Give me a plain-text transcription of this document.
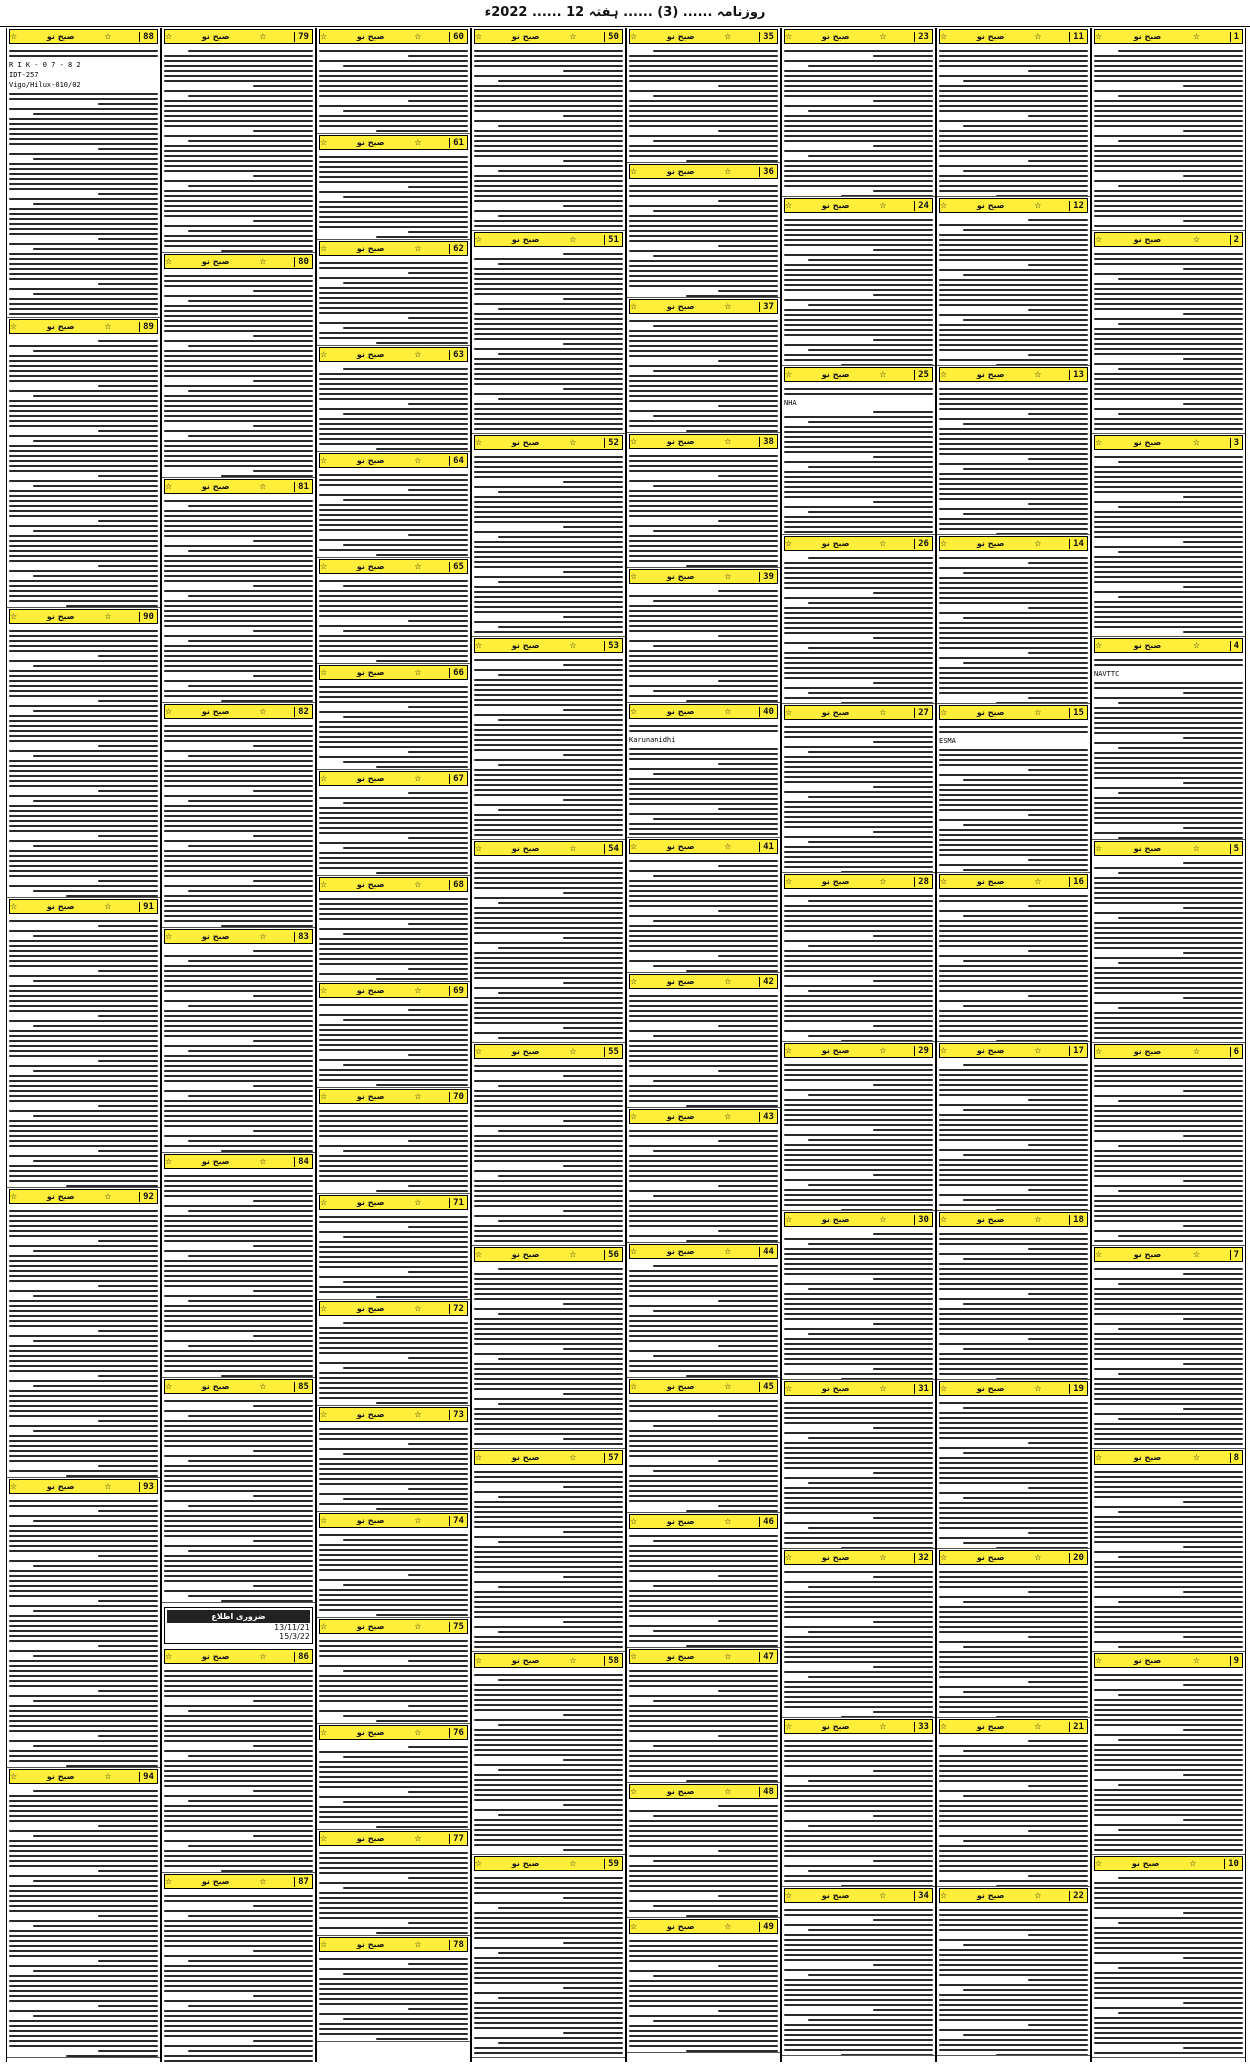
روزنامہ ...... (3) ...... ہفتہ 12 ...... 2022ء
1
☆
صبح نو
☆
2
☆
صبح نو
☆
3
☆
صبح نو
☆
4
☆
صبح نو
☆
NAVTTC
5
☆
صبح نو
☆
6
☆
صبح نو
☆
7
☆
صبح نو
☆
8
☆
صبح نو
☆
9
☆
صبح نو
☆
10
☆
صبح نو
☆
11
☆
صبح نو
☆
12
☆
صبح نو
☆
13
☆
صبح نو
☆
14
☆
صبح نو
☆
15
☆
صبح نو
☆
ESMA
16
☆
صبح نو
☆
17
☆
صبح نو
☆
18
☆
صبح نو
☆
19
☆
صبح نو
☆
20
☆
صبح نو
☆
21
☆
صبح نو
☆
22
☆
صبح نو
☆
23
☆
صبح نو
☆
24
☆
صبح نو
☆
25
☆
صبح نو
☆
NHA
26
☆
صبح نو
☆
27
☆
صبح نو
☆
28
☆
صبح نو
☆
29
☆
صبح نو
☆
30
☆
صبح نو
☆
31
☆
صبح نو
☆
32
☆
صبح نو
☆
33
☆
صبح نو
☆
34
☆
صبح نو
☆
35
☆
صبح نو
☆
36
☆
صبح نو
☆
37
☆
صبح نو
☆
38
☆
صبح نو
☆
39
☆
صبح نو
☆
40
☆
صبح نو
☆
Karunanidhi
41
☆
صبح نو
☆
42
☆
صبح نو
☆
43
☆
صبح نو
☆
44
☆
صبح نو
☆
45
☆
صبح نو
☆
46
☆
صبح نو
☆
47
☆
صبح نو
☆
48
☆
صبح نو
☆
49
☆
صبح نو
☆
50
☆
صبح نو
☆
51
☆
صبح نو
☆
52
☆
صبح نو
☆
53
☆
صبح نو
☆
54
☆
صبح نو
☆
55
☆
صبح نو
☆
56
☆
صبح نو
☆
57
☆
صبح نو
☆
58
☆
صبح نو
☆
59
☆
صبح نو
☆
60
☆
صبح نو
☆
61
☆
صبح نو
☆
62
☆
صبح نو
☆
63
☆
صبح نو
☆
64
☆
صبح نو
☆
65
☆
صبح نو
☆
66
☆
صبح نو
☆
67
☆
صبح نو
☆
68
☆
صبح نو
☆
69
☆
صبح نو
☆
70
☆
صبح نو
☆
71
☆
صبح نو
☆
72
☆
صبح نو
☆
73
☆
صبح نو
☆
74
☆
صبح نو
☆
75
☆
صبح نو
☆
76
☆
صبح نو
☆
77
☆
صبح نو
☆
78
☆
صبح نو
☆
79
☆
صبح نو
☆
80
☆
صبح نو
☆
81
☆
صبح نو
☆
82
☆
صبح نو
☆
83
☆
صبح نو
☆
84
☆
صبح نو
☆
85
☆
صبح نو
☆
ضروری اطلاع
13/11/21
15/3/22
86
☆
صبح نو
☆
87
☆
صبح نو
☆
88
☆
صبح نو
☆
R I K - 0 7 - 8 2
IDT-257
Vigo/Hilux-010/02
89
☆
صبح نو
☆
90
☆
صبح نو
☆
91
☆
صبح نو
☆
92
☆
صبح نو
☆
93
☆
صبح نو
☆
94
☆
صبح نو
☆
